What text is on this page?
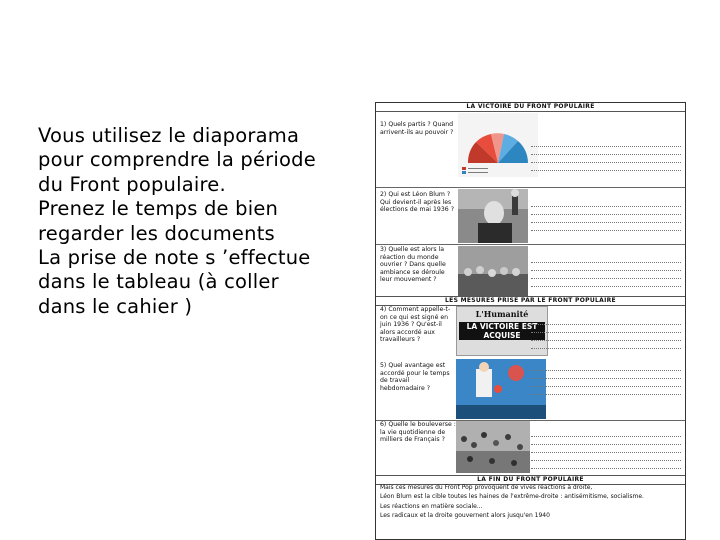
Vous utilisez le diaporama
pour comprendre la période
du Front populaire.
Prenez le temps de bien
regarder les documents
La prise de note s ’effectue
dans le tableau (à coller
dans le cahier )
LA VICTOIRE DU FRONT POPULAIRE
1) Quels partis ? Quand arrivent-ils au pouvoir ?
2) Qui est Léon Blum ? Qui devient-il après les élections de mai 1936 ?
3) Quelle est alors la réaction du monde ouvrier ? Dans quelle ambiance se déroule leur mouvement ?
LES MESURES PRISE PAR LE FRONT POPULAIRE
4) Comment appelle-t-on ce qui est signé en juin 1936 ? Qu'est-il alors accordé aux travailleurs ?
L'Humanité
LA VICTOIRE EST ACQUISE
5) Quel avantage est accordé pour le temps de travail hebdomadaire ?
6) Quelle le bouleverse : la vie quotidienne de milliers de Français ?
LA FIN DU FRONT POPULAIRE
Mais ces mesures du Front Pop provoquent de vives réactions à droite,
Léon Blum est la cible toutes les haines de l'extrême-droite : antisémitisme, socialisme.
Les réactions en matière sociale...
Les radicaux et la droite gouvernent alors jusqu'en 1940
